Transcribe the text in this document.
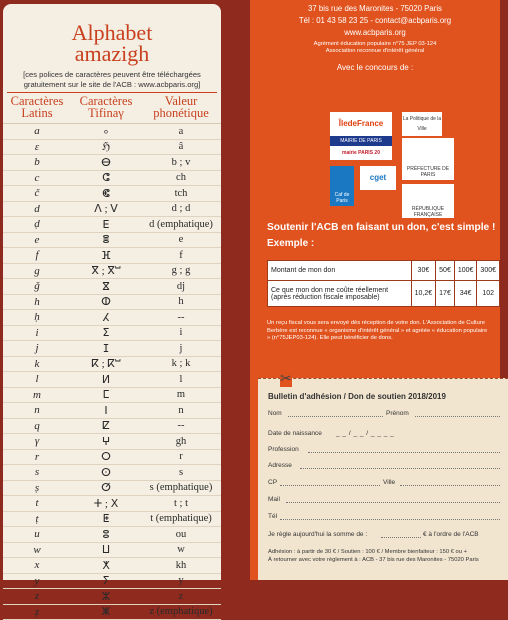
Alphabet
amazigh
[ces polices de caractères peuvent être téléchargées gratuitement sur le site de l'ACB : www.acbparis.org]
Caractères Latins
Caractères Tifinaγ
Valeur phonétique
a	∘	a
ɛ	ℌ	â
b	ⴱ	b ; v
c	ⵛ	ch
č	ⵞ	tch
d	ⴷ ; ⴸ	d ; d
ḍ	ⴹ	d (emphatique)
e	ⴻ	e
f	ⴼ	f
g	ⴳ ; ⴳⵯ	g ; g
ǧ	ⴵ	dj
h	ⵀ	h
ḥ	ⵃ	--
i	ⵉ	i
j	ⵊ	j
k	ⴽ ; ⴽⵯ	k ; k
l	ⵍ	l
m	ⵎ	m
n	ⵏ	n
q	ⵇ	--
γ	ⵖ	gh
r	ⵔ	r
s	ⵙ	s
ṣ	ⵚ	s (emphatique)
t	ⵜ ; ⵝ	t ; t
ṭ	ⵟ	t (emphatique)
u	ⵓ	ou
w	ⵡ	w
x	ⵅ	kh
y	ⵢ	y
z	ⵣ	z
ẓ	ⵥ	z (emphatique)
37 bis rue des Maronites - 75020 Paris
Tél : 01 43 58 23 25 - contact@acbparis.org
www.acbparis.org
Agrément éducation populaire n°75 JEP 03-124
Association reconnue d'intérêt général
Avec le concours de :
ÎledeFrance	La Politique de la Ville
MAIRIE DE PARIS
mairie PARIS 20
PRÉFECTURE DE PARIS
Caf de Paris
cget
RÉPUBLIQUE FRANÇAISE
Soutenir l'ACB en faisant un don, c'est simple !
Exemple :
Montant de mon don	30€	50€	100€	300€
Ce que mon don me coûte réellement (après réduction fiscale imposable)	10,2€	17€	34€	102
Un reçu fiscal vous sera envoyé dès réception de votre don. L'Association de Culture Berbère est reconnue « organisme d'intérêt général » et agréée « éducation populaire » (n°75JEP03-124). Elle peut bénéficier de dons.
✂
Bulletin d'adhésion / Don de soutien 2018/2019
Nom	Prénom
Date de naissance _ _ / _ _ / _ _ _ _
Profession
Adresse
CP	Ville
Mail
Tél
Je règle aujourd'hui la somme de :	€ à l'ordre de l'ACB
Adhésion : à partir de 30 € / Soutien : 100 € / Membre bienfaiteur : 150 € ou +
À retourner avec votre règlement à : ACB - 37 bis rue des Maronites - 75020 Paris
